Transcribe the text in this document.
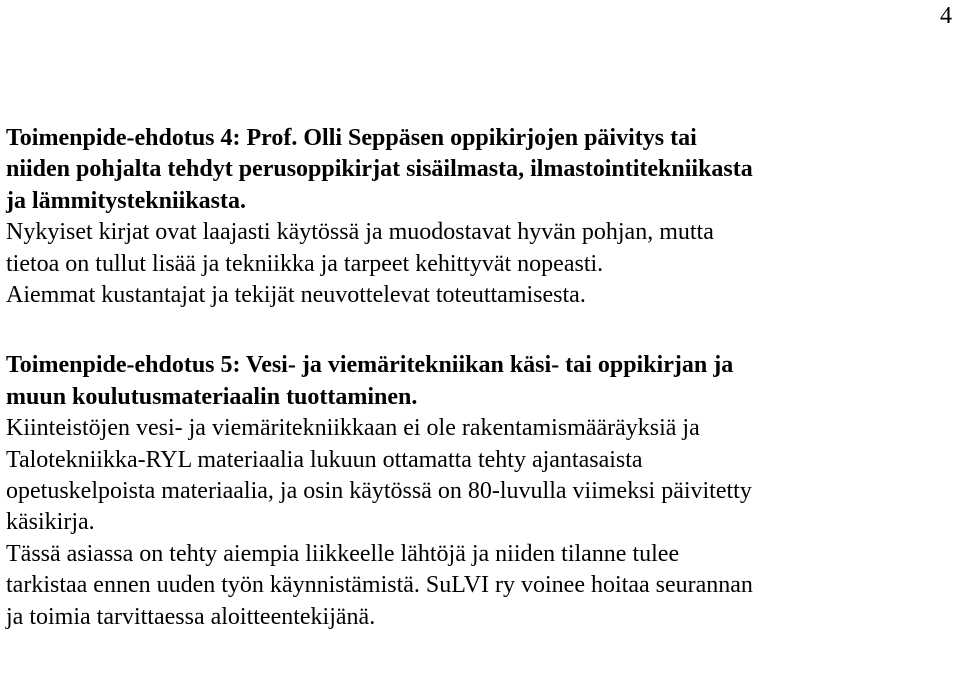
4
Toimenpide-ehdotus 4: Prof. Olli Seppäsen oppikirjojen päivitys tai
niiden pohjalta tehdyt perusoppikirjat sisäilmasta, ilmastointitekniikasta
ja lämmitystekniikasta.
Nykyiset kirjat ovat laajasti käytössä ja muodostavat hyvän pohjan, mutta
tietoa on tullut lisää ja tekniikka ja tarpeet kehittyvät nopeasti.
Aiemmat kustantajat ja tekijät neuvottelevat toteuttamisesta.
Toimenpide-ehdotus 5: Vesi- ja viemäritekniikan käsi- tai oppikirjan ja
muun koulutusmateriaalin tuottaminen.
Kiinteistöjen vesi- ja viemäritekniikkaan ei ole rakentamismääräyksiä ja
Talotekniikka-RYL materiaalia lukuun ottamatta tehty ajantasaista
opetuskelpoista materiaalia, ja osin käytössä on 80-luvulla viimeksi päivitetty
käsikirja.
Tässä asiassa on tehty aiempia liikkeelle lähtöjä ja niiden tilanne tulee
tarkistaa ennen uuden työn käynnistämistä. SuLVI ry voinee hoitaa seurannan
ja toimia tarvittaessa aloitteentekijänä.
